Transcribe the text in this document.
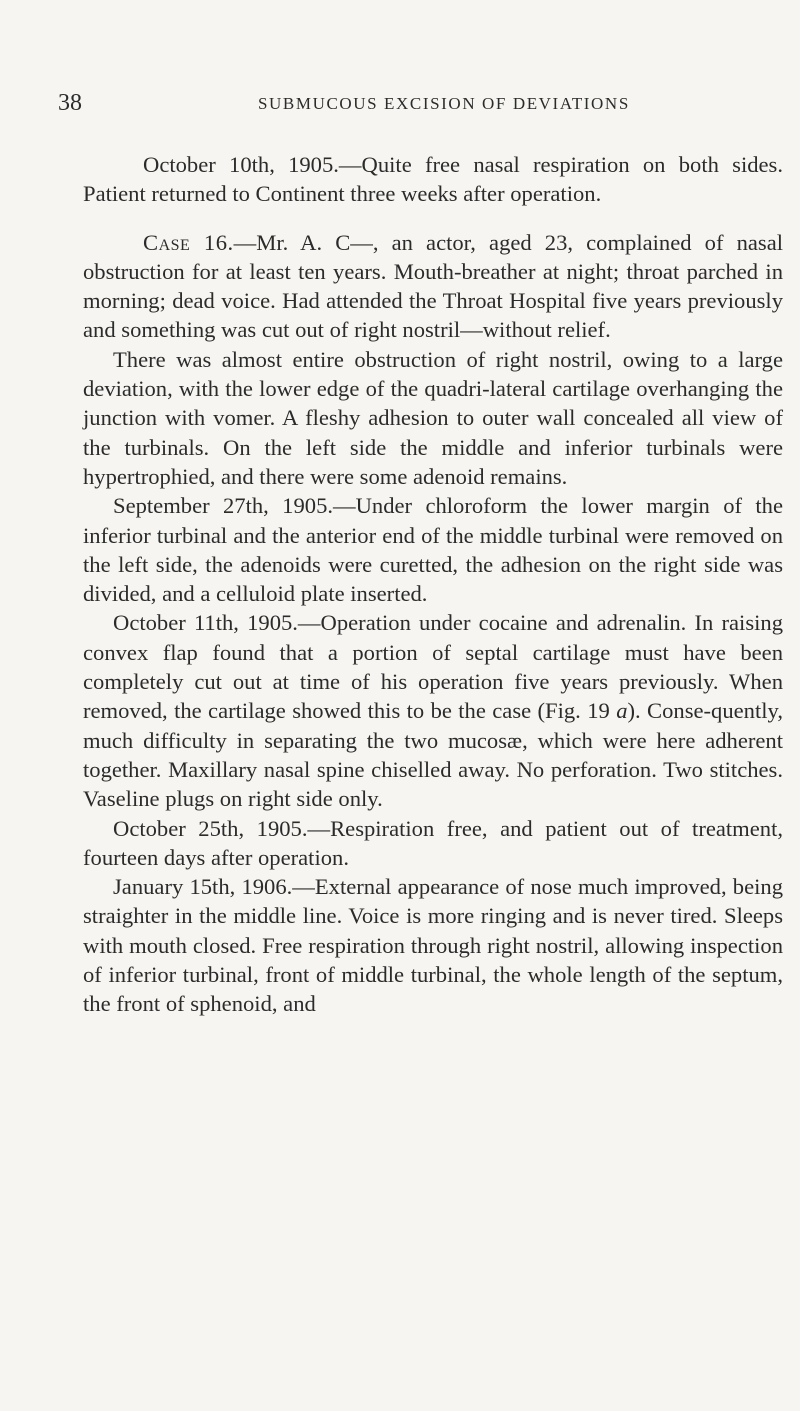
38	SUBMUCOUS EXCISION OF DEVIATIONS

October 10th, 1905.—Quite free nasal respiration on both sides. Patient returned to Continent three weeks after operation.

Case 16.—Mr. A. C—, an actor, aged 23, complained of nasal obstruction for at least ten years. Mouth-breather at night; throat parched in morning; dead voice. Had attended the Throat Hospital five years previously and something was cut out of right nostril—without relief.

There was almost entire obstruction of right nostril, owing to a large deviation, with the lower edge of the quadri-lateral cartilage overhanging the junction with vomer. A fleshy adhesion to outer wall concealed all view of the turbinals. On the left side the middle and inferior turbinals were hypertrophied, and there were some adenoid remains.

September 27th, 1905.—Under chloroform the lower margin of the inferior turbinal and the anterior end of the middle turbinal were removed on the left side, the adenoids were curetted, the adhesion on the right side was divided, and a celluloid plate inserted.

October 11th, 1905.—Operation under cocaine and adrenalin. In raising convex flap found that a portion of septal cartilage must have been completely cut out at time of his operation five years previously. When removed, the cartilage showed this to be the case (Fig. 19 a). Conse-quently, much difficulty in separating the two mucosæ, which were here adherent together. Maxillary nasal spine chiselled away. No perforation. Two stitches. Vaseline plugs on right side only.

October 25th, 1905.—Respiration free, and patient out of treatment, fourteen days after operation.

January 15th, 1906.—External appearance of nose much improved, being straighter in the middle line. Voice is more ringing and is never tired. Sleeps with mouth closed. Free respiration through right nostril, allowing inspection of inferior turbinal, front of middle turbinal, the whole length of the septum, the front of sphenoid, and
